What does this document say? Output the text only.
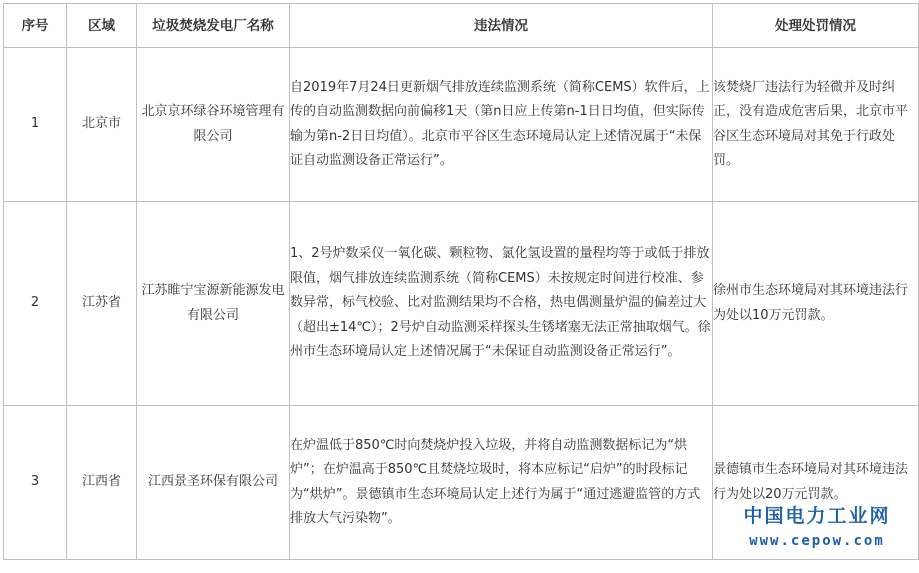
序号	区域	垃圾焚烧发电厂名称	违法情况	处理处罚情况
1	北京市	北京京环绿谷环境管理有限公司	自2019年7月24日更新烟气排放连续监测系统（简称CEMS）软件后，上传的自动监测数据向前偏移1天（第n日应上传第n-1日日均值，但实际传输为第n-2日日均值）。北京市平谷区生态环境局认定上述情况属于“未保证自动监测设备正常运行”。	该焚烧厂违法行为轻微并及时纠正，没有造成危害后果，北京市平谷区生态环境局对其免于行政处罚。
2	江苏省	江苏睢宁宝源新能源发电有限公司	1、2号炉数采仪一氧化碳、颗粒物、氯化氢设置的量程均等于或低于排放限值，烟气排放连续监测系统（简称CEMS）未按规定时间进行校准、参数异常，标气校验、比对监测结果均不合格，热电偶测量炉温的偏差过大（超出±14℃）；2号炉自动监测采样探头生锈堵塞无法正常抽取烟气。徐州市生态环境局认定上述情况属于“未保证自动监测设备正常运行”。	徐州市生态环境局对其环境违法行为处以10万元罚款。
3	江西省	江西景圣环保有限公司	在炉温低于850℃时向焚烧炉投入垃圾，并将自动监测数据标记为“烘炉”；在炉温高于850℃且焚烧垃圾时，将本应标记“启炉”的时段标记为“烘炉”。景德镇市生态环境局认定上述行为属于“通过逃避监管的方式排放大气污染物”。	景德镇市生态环境局对其环境违法行为处以20万元罚款。
中国电力工业网
www.cepow.com
